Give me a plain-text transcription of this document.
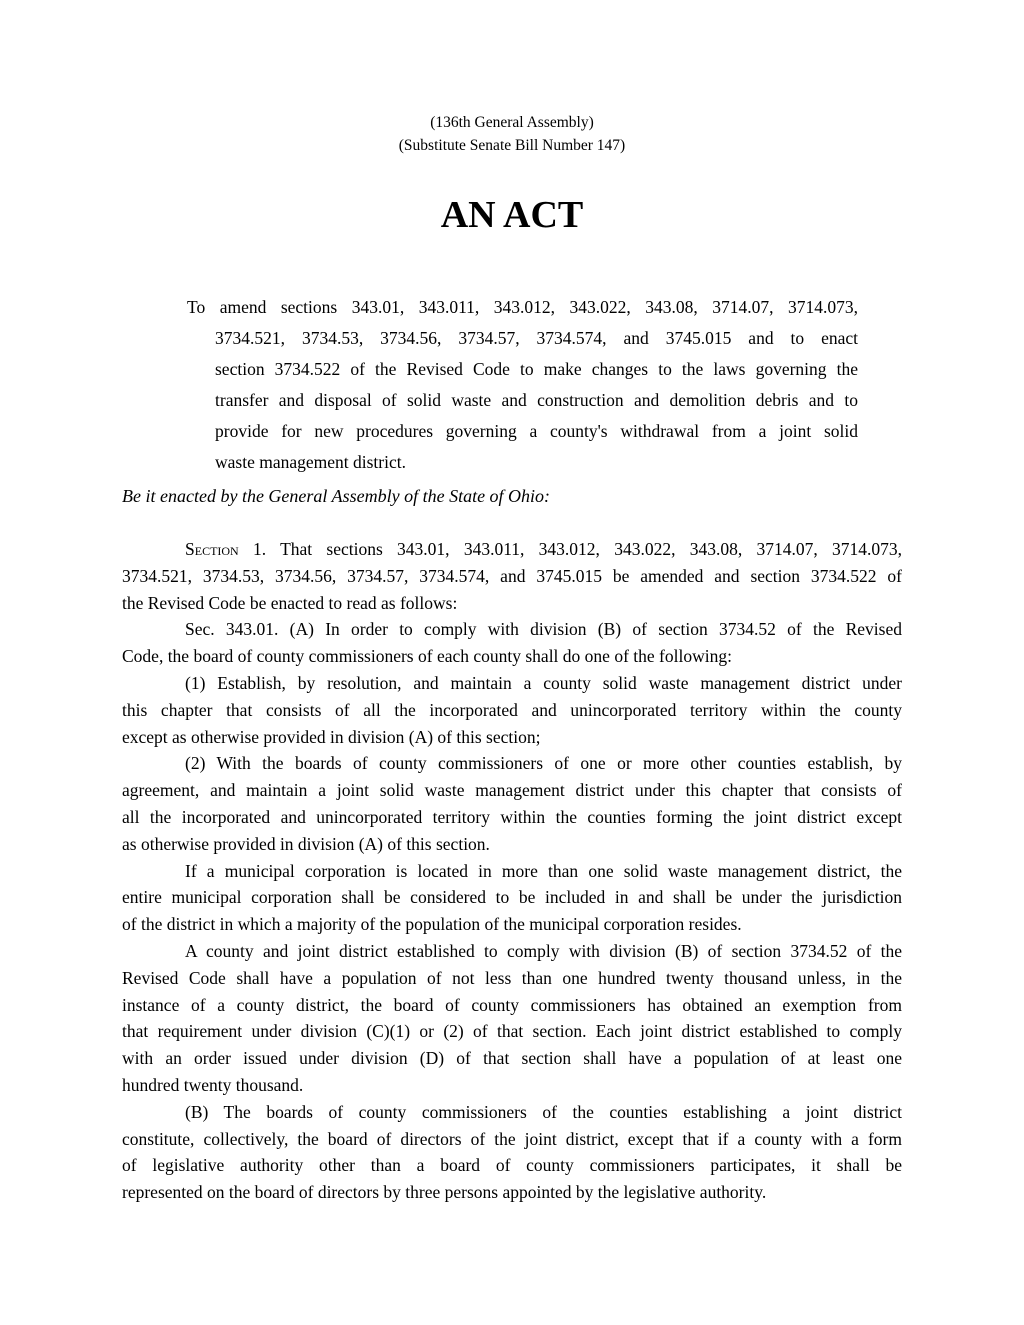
(136th General Assembly)
(Substitute Senate Bill Number 147)
AN ACT
To amend sections 343.01, 343.011, 343.012, 343.022, 343.08, 3714.07, 3714.073,
3734.521, 3734.53, 3734.56, 3734.57, 3734.574, and 3745.015 and to enact
section 3734.522 of the Revised Code to make changes to the laws governing the
transfer and disposal of solid waste and construction and demolition debris and to
provide for new procedures governing a county's withdrawal from a joint solid
waste management district.
Be it enacted by the General Assembly of the State of Ohio:
Section 1. That sections 343.01, 343.011, 343.012, 343.022, 343.08, 3714.07, 3714.073,
3734.521, 3734.53, 3734.56, 3734.57, 3734.574, and 3745.015 be amended and section 3734.522 of
the Revised Code be enacted to read as follows:
Sec. 343.01. (A) In order to comply with division (B) of section 3734.52 of the Revised
Code, the board of county commissioners of each county shall do one of the following:
(1) Establish, by resolution, and maintain a county solid waste management district under
this chapter that consists of all the incorporated and unincorporated territory within the county
except as otherwise provided in division (A) of this section;
(2) With the boards of county commissioners of one or more other counties establish, by
agreement, and maintain a joint solid waste management district under this chapter that consists of
all the incorporated and unincorporated territory within the counties forming the joint district except
as otherwise provided in division (A) of this section.
If a municipal corporation is located in more than one solid waste management district, the
entire municipal corporation shall be considered to be included in and shall be under the jurisdiction
of the district in which a majority of the population of the municipal corporation resides.
A county and joint district established to comply with division (B) of section 3734.52 of the
Revised Code shall have a population of not less than one hundred twenty thousand unless, in the
instance of a county district, the board of county commissioners has obtained an exemption from
that requirement under division (C)(1) or (2) of that section. Each joint district established to comply
with an order issued under division (D) of that section shall have a population of at least one
hundred twenty thousand.
(B) The boards of county commissioners of the counties establishing a joint district
constitute, collectively, the board of directors of the joint district, except that if a county with a form
of legislative authority other than a board of county commissioners participates, it shall be
represented on the board of directors by three persons appointed by the legislative authority.
